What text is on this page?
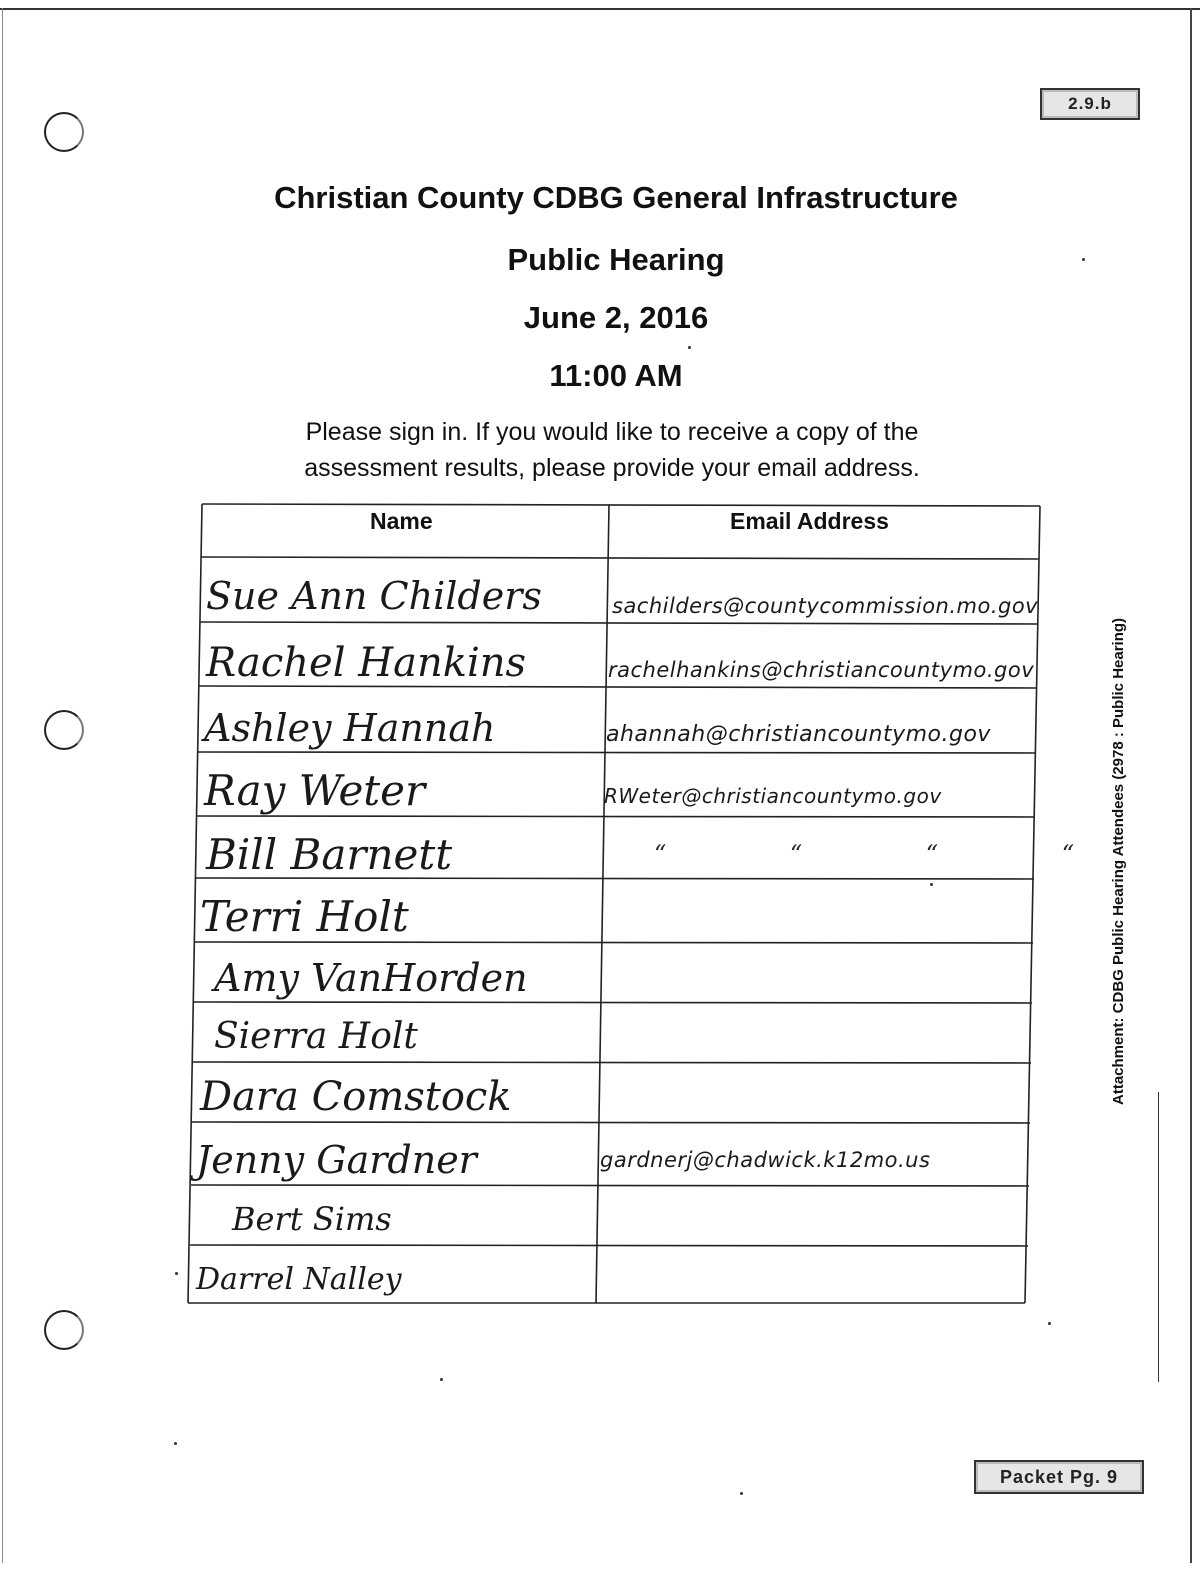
2.9.b
Packet Pg. 9
Christian County CDBG General Infrastructure
Public Hearing
June 2, 2016
11:00 AM
Please sign in. If you would like to receive a copy of the
assessment results, please provide your email address.
Attachment: CDBG Public Hearing Attendees (2978 : Public Hearing)
Name	Email Address
Sue Ann Childers
Rachel Hankins
Ashley Hannah
Ray Weter
Bill Barnett
Terri Holt
Amy VanHorden
Sierra Holt
Dara Comstock
Jenny Gardner
Bert Sims
Darrel Nalley
sachilders@countycommission.mo.gov
rachelhankins@christiancountymo.gov
ahannah@christiancountymo.gov
RWeter@christiancountymo.gov
“ “ “ “
gardnerj@chadwick.k12mo.us
